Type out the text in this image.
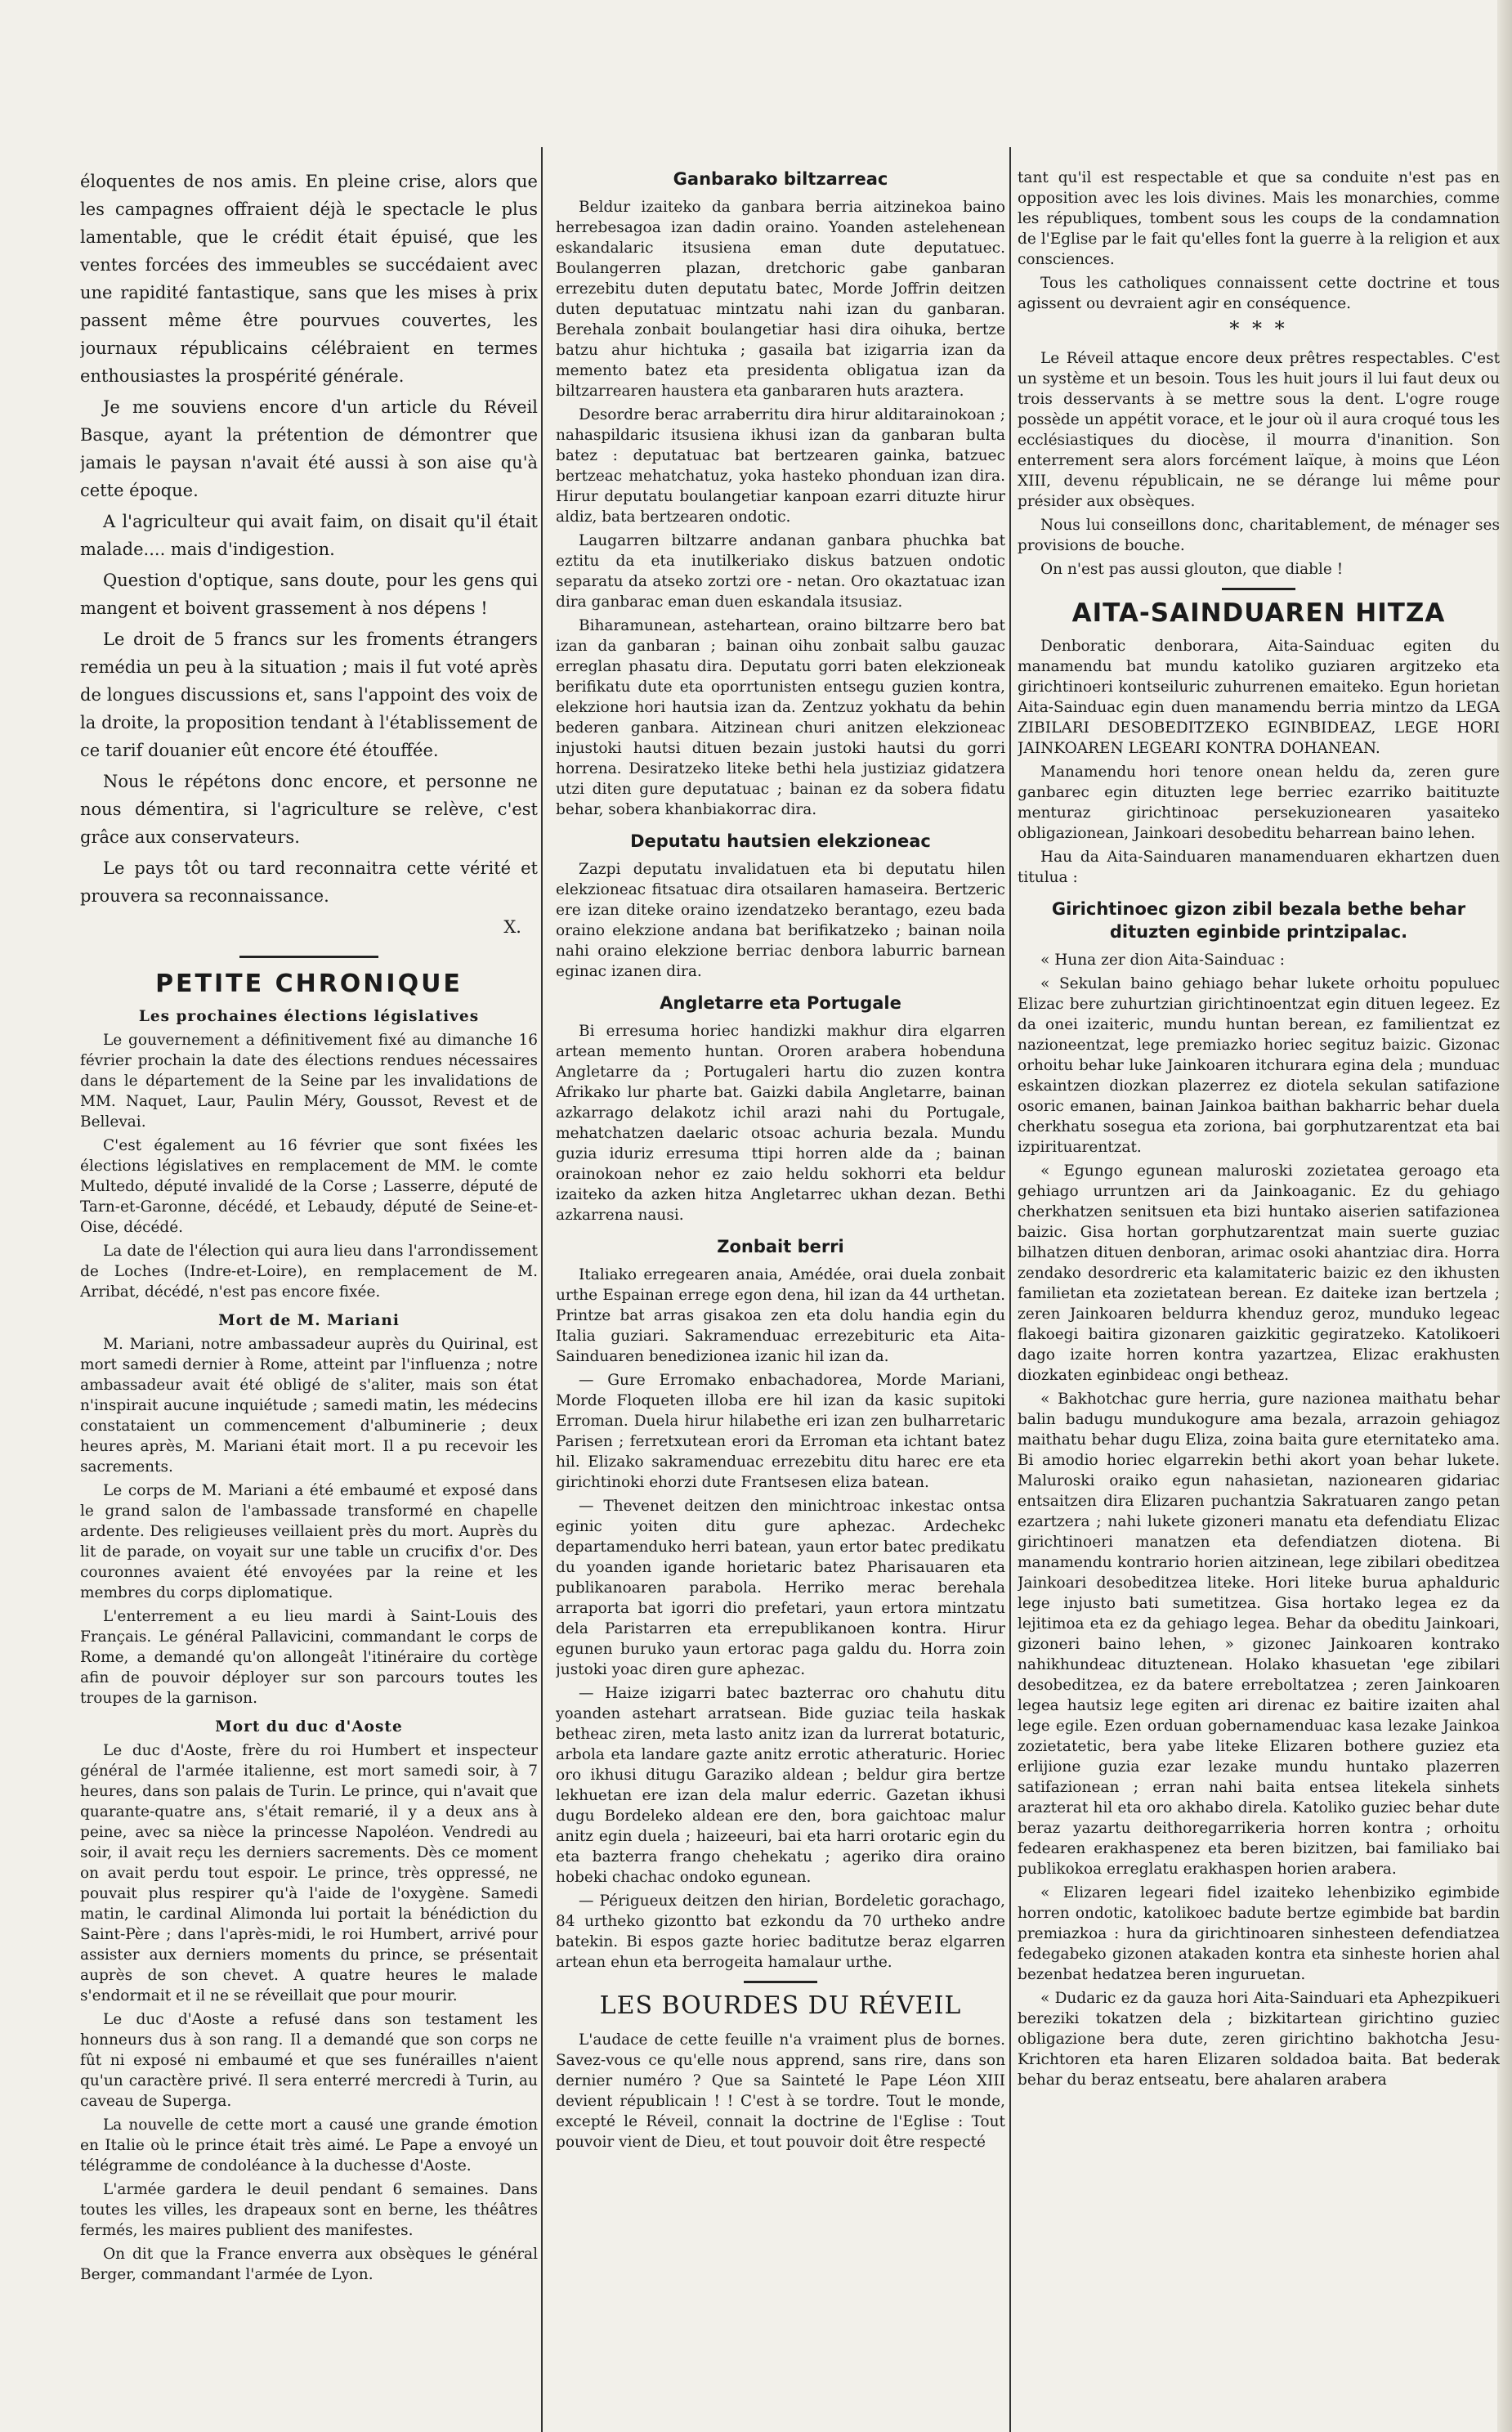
éloquentes de nos amis. En pleine crise, alors que les campagnes offraient déjà le spectacle le plus lamentable, que le crédit était épuisé, que les ventes forcées des immeubles se succédaient avec une rapidité fantastique, sans que les mises à prix passent même être pourvues couvertes, les journaux républicains célébraient en termes enthousiastes la prospérité générale.

Je me souviens encore d'un article du Réveil Basque, ayant la prétention de démontrer que jamais le paysan n'avait été aussi à son aise qu'à cette époque.

A l'agriculteur qui avait faim, on disait qu'il était malade.... mais d'indigestion.

Question d'optique, sans doute, pour les gens qui mangent et boivent grassement à nos dépens !

Le droit de 5 francs sur les froments étrangers remédia un peu à la situation ; mais il fut voté après de longues discussions et, sans l'appoint des voix de la droite, la proposition tendant à l'établissement de ce tarif douanier eût encore été étouffée.

Nous le répétons donc encore, et personne ne nous démentira, si l'agriculture se relève, c'est grâce aux conservateurs.

Le pays tôt ou tard reconnaitra cette vérité et prouvera sa reconnaissance.

X.

PETITE CHRONIQUE
Les prochaines élections législatives

Le gouvernement a définitivement fixé au dimanche 16 février prochain la date des élections rendues nécessaires dans le département de la Seine par les invalidations de MM. Naquet, Laur, Paulin Méry, Goussot, Revest et de Bellevai.

C'est également au 16 février que sont fixées les élections législatives en remplacement de MM. le comte Multedo, député invalidé de la Corse ; Lasserre, député de Tarn-et-Garonne, décédé, et Lebaudy, député de Seine-et-Oise, décédé.

La date de l'élection qui aura lieu dans l'arrondissement de Loches (Indre-et-Loire), en remplacement de M. Arribat, décédé, n'est pas encore fixée.

Mort de M. Mariani

M. Mariani, notre ambassadeur auprès du Quirinal, est mort samedi dernier à Rome, atteint par l'influenza ; notre ambassadeur avait été obligé de s'aliter, mais son état n'inspirait aucune inquiétude ; samedi matin, les médecins constataient un commencement d'albuminerie ; deux heures après, M. Mariani était mort. Il a pu recevoir les sacrements.

Le corps de M. Mariani a été embaumé et exposé dans le grand salon de l'ambassade transformé en chapelle ardente. Des religieuses veillaient près du mort. Auprès du lit de parade, on voyait sur une table un crucifix d'or. Des couronnes avaient été envoyées par la reine et les membres du corps diplomatique.

L'enterrement a eu lieu mardi à Saint-Louis des Français. Le général Pallavicini, commandant le corps de Rome, a demandé qu'on allongeât l'itinéraire du cortège afin de pouvoir déployer sur son parcours toutes les troupes de la garnison.

Mort du duc d'Aoste

Le duc d'Aoste, frère du roi Humbert et inspecteur général de l'armée italienne, est mort samedi soir, à 7 heures, dans son palais de Turin. Le prince, qui n'avait que quarante-quatre ans, s'était remarié, il y a deux ans à peine, avec sa nièce la princesse Napoléon. Vendredi au soir, il avait reçu les derniers sacrements. Dès ce moment on avait perdu tout espoir. Le prince, très oppressé, ne pouvait plus respirer qu'à l'aide de l'oxygène. Samedi matin, le cardinal Alimonda lui portait la bénédiction du Saint-Père ; dans l'après-midi, le roi Humbert, arrivé pour assister aux derniers moments du prince, se présentait auprès de son chevet. A quatre heures le malade s'endormait et il ne se réveillait que pour mourir.

Le duc d'Aoste a refusé dans son testament les honneurs dus à son rang. Il a demandé que son corps ne fût ni exposé ni embaumé et que ses funérailles n'aient qu'un caractère privé. Il sera enterré mercredi à Turin, au caveau de Superga.

La nouvelle de cette mort a causé une grande émotion en Italie où le prince était très aimé. Le Pape a envoyé un télégramme de condoléance à la duchesse d'Aoste.

L'armée gardera le deuil pendant 6 semaines. Dans toutes les villes, les drapeaux sont en berne, les théâtres fermés, les maires publient des manifestes.

On dit que la France enverra aux obsèques le général Berger, commandant l'armée de Lyon.

Ganbarako biltzarreac

Beldur izaiteko da ganbara berria aitzinekoa baino herrebesagoa izan dadin oraino. Yoanden astelehenean eskandalaric itsusiena eman dute deputatuec. Boulangerren plazan, dretchoric gabe ganbaran errezebitu duten deputatu batec, Morde Joffrin deitzen duten deputatuac mintzatu nahi izan du ganbaran. Berehala zonbait boulangetiar hasi dira oihuka, bertze batzu ahur hichtuka ; gasaila bat izigarria izan da memento batez eta presidenta obligatua izan da biltzarrearen haustera eta ganbararen huts araztera.

Desordre berac arraberritu dira hirur alditarainokoan ; nahaspildaric itsusiena ikhusi izan da ganbaran bulta batez : deputatuac bat bertzearen gainka, batzuec bertzeac mehatchatuz, yoka hasteko phonduan izan dira. Hirur deputatu boulangetiar kanpoan ezarri dituzte hirur aldiz, bata bertzearen ondotic.

Laugarren biltzarre andanan ganbara phuchka bat eztitu da eta inutilkeriako diskus batzuen ondotic separatu da atseko zortzi ore - netan. Oro okaztatuac izan dira ganbarac eman duen eskandala itsusiaz.

Biharamunean, astehartean, oraino biltzarre bero bat izan da ganbaran ; bainan oihu zonbait salbu gauzac erreglan phasatu dira. Deputatu gorri baten elekzioneak berifikatu dute eta oporrtunisten entsegu guzien kontra, elekzione hori hautsia izan da. Zentzuz yokhatu da behin bederen ganbara. Aitzinean churi anitzen elekzioneac injustoki hautsi dituen bezain justoki hautsi du gorri horrena. Desiratzeko liteke bethi hela justiziaz gidatzera utzi diten gure deputatuac ; bainan ez da sobera fidatu behar, sobera khanbiakorrac dira.

Deputatu hautsien elekzioneac

Zazpi deputatu invalidatuen eta bi deputatu hilen elekzioneac fitsatuac dira otsailaren hamaseira. Bertzeric ere izan diteke oraino izendatzeko berantago, ezeu bada oraino elekzione andana bat berifikatzeko ; bainan noila nahi oraino elekzione berriac denbora laburric barnean eginac izanen dira.

Angletarre eta Portugale

Bi erresuma horiec handizki makhur dira elgarren artean memento huntan. Ororen arabera hobenduna Angletarre da ; Portugaleri hartu dio zuzen kontra Afrikako lur pharte bat. Gaizki dabila Angletarre, bainan azkarrago delakotz ichil arazi nahi du Portugale, mehatchatzen daelaric otsoac achuria bezala. Mundu guzia iduriz erresuma ttipi horren alde da ; bainan orainokoan nehor ez zaio heldu sokhorri eta beldur izaiteko da azken hitza Angletarrec ukhan dezan. Bethi azkarrena nausi.

Zonbait berri

Italiako erregearen anaia, Amédée, orai duela zonbait urthe Espainan errege egon dena, hil izan da 44 urthetan. Printze bat arras gisakoa zen eta dolu handia egin du Italia guziari. Sakramenduac errezebituric eta Aita-Sainduaren benedizionea izanic hil izan da.

— Gure Erromako enbachadorea, Morde Mariani, Morde Floqueten illoba ere hil izan da kasic supitoki Erroman. Duela hirur hilabethe eri izan zen bulharretaric Parisen ; ferretxutean erori da Erroman eta ichtant batez hil. Elizako sakramenduac errezebitu ditu harec ere eta girichtinoki ehorzi dute Frantsesen eliza batean.

— Thevenet deitzen den minichtroac inkestac ontsa eginic yoiten ditu gure aphezac. Ardechekc departamenduko herri batean, yaun ertor batec predikatu du yoanden igande horietaric batez Pharisauaren eta publikanoaren parabola. Herriko merac berehala arraporta bat igorri dio prefetari, yaun ertora mintzatu dela Paristarren eta errepublikanoen kontra. Hirur egunen buruko yaun ertorac paga galdu du. Horra zoin justoki yoac diren gure aphezac.

— Haize izigarri batec bazterrac oro chahutu ditu yoanden astehart arratsean. Bide guziac teila haskak betheac ziren, meta lasto anitz izan da lurrerat botaturic, arbola eta landare gazte anitz errotic atheraturic. Horiec oro ikhusi ditugu Garaziko aldean ; beldur gira bertze lekhuetan ere izan dela malur ederric. Gazetan ikhusi dugu Bordeleko aldean ere den, bora gaichtoac malur anitz egin duela ; haizeeuri, bai eta harri orotaric egin du eta bazterra frango chehekatu ; ageriko dira oraino hobeki chachac ondoko egunean.

— Périgueux deitzen den hirian, Bordeletic gorachago, 84 urtheko gizontto bat ezkondu da 70 urtheko andre batekin. Bi espos gazte horiec baditutze beraz elgarren artean ehun eta berrogeita hamalaur urthe.

LES BOURDES DU RÉVEIL

L'audace de cette feuille n'a vraiment plus de bornes. Savez-vous ce qu'elle nous apprend, sans rire, dans son dernier numéro ? Que sa Sainteté le Pape Léon XIII devient républicain ! ! C'est à se tordre. Tout le monde, excepté le Réveil, connait la doctrine de l'Eglise : Tout pouvoir vient de Dieu, et tout pouvoir doit être respecté

tant qu'il est respectable et que sa conduite n'est pas en opposition avec les lois divines. Mais les monarchies, comme les républiques, tombent sous les coups de la condamnation de l'Eglise par le fait qu'elles font la guerre à la religion et aux consciences.

Tous les catholiques connaissent cette doctrine et tous agissent ou devraient agir en conséquence.

* * *

Le Réveil attaque encore deux prêtres respectables. C'est un système et un besoin. Tous les huit jours il lui faut deux ou trois desservants à se mettre sous la dent. L'ogre rouge possède un appétit vorace, et le jour où il aura croqué tous les ecclésiastiques du diocèse, il mourra d'inanition. Son enterrement sera alors forcément laïque, à moins que Léon XIII, devenu républicain, ne se dérange lui même pour présider aux obsèques.

Nous lui conseillons donc, charitablement, de ménager ses provisions de bouche.

On n'est pas aussi glouton, que diable !

AITA-SAINDUAREN HITZA

Denboratic denborara, Aita-Sainduac egiten du manamendu bat mundu katoliko guziaren argitzeko eta girichtinoeri kontseiluric zuhurrenen emaiteko. Egun horietan Aita-Sainduac egin duen manamendu berria mintzo da LEGA ZIBILARI DESOBEDITZEKO EGINBIDEAZ, LEGE HORI JAINKOAREN LEGEARI KONTRA DOHANEAN.

Manamendu hori tenore onean heldu da, zeren gure ganbarec egin dituzten lege berriec ezarriko baitituzte menturaz girichtinoac persekuzionearen yasaiteko obligazionean, Jainkoari desobeditu beharrean baino lehen.

Hau da Aita-Sainduaren manamenduaren ekhartzen duen titulua :

Girichtinoec gizon zibil bezala bethe behar dituzten eginbide printzipalac.

« Huna zer dion Aita-Sainduac :

« Sekulan baino gehiago behar lukete orhoitu populuec Elizac bere zuhurtzian girichtinoentzat egin dituen legeez. Ez da onei izaiteric, mundu huntan berean, ez familientzat ez nazioneentzat, lege premiazko horiec segituz baizic. Gizonac orhoitu behar luke Jainkoaren itchurara egina dela ; munduac eskaintzen diozkan plazerrez ez diotela sekulan satifazione osoric emanen, bainan Jainkoa baithan bakharric behar duela cherkhatu sosegua eta zoriona, bai gorphutzarentzat eta bai izpirituarentzat.

« Egungo egunean maluroski zozietatea geroago eta gehiago urruntzen ari da Jainkoaganic. Ez du gehiago cherkhatzen senitsuen eta bizi huntako aiserien satifazionea baizic. Gisa hortan gorphutzarentzat main suerte guziac bilhatzen dituen denboran, arimac osoki ahantziac dira. Horra zendako desordreric eta kalamitateric baizic ez den ikhusten familietan eta zozietatean berean. Ez daiteke izan bertzela ; zeren Jainkoaren beldurra khenduz geroz, mundukо legeac flakoegi baitira gizonaren gaizkitic gegiratzeko. Katolikoeri dago izaite horren kontra yazartzea, Elizac erakhusten diozkaten eginbideac ongi betheaz.

« Bakhotchac gure herria, gure nazionea maithatu behar balin badugu mundukogure ama bezala, arrazoin gehiagoz maithatu behar dugu Eliza, zoina baita gure eternitateko ama. Bi amodio horiec elgarrekin bethi akort yoan behar lukete. Maluroski oraiko egun nahasietan, nazionearen gidariac entsaitzen dira Elizaren puchantzia Sakratuaren zango petan ezartzera ; nahi lukete gizoneri manatu eta defendiatu Elizac girichtinoeri manatzen eta defendiatzen diotena. Bi manamendu kontrario horien aitzinean, lege zibilari obeditzea Jainkoari desobeditzea liteke. Hori liteke burua aphalduric lege injusto bati sumetitzea. Gisa hortako legea ez da lejitimoa eta ez da gehiago legea. Behar da obeditu Jainkoari, gizoneri baino lehen, » gizonec Jainkoaren kontrako nahikhundeac dituztenean. Holako khasuetan 'ege zibilari desobeditzea, ez da batere erreboltatzea ; zeren Jainkoaren legea hautsiz lege egiten ari direnac ez baitire izaiten ahal lege egile. Ezen orduan gobernamenduac kasa lezake Jainkoa zozietatetic, bera yabe liteke Elizaren bothere guziez eta erlijione guzia ezar lezake mundu huntako plazerren satifazionean ; erran nahi baita entsea litekela sinhets arazterat hil eta oro akhabo direla. Katoliko guziec behar dute beraz yazartu deithoregarrikeria horren kontra ; orhoitu fedearen erakhaspenez eta beren bizitzen, bai familiako bai publikokoa erreglatu erakhaspen horien arabera.

« Elizaren legeari fidel izaiteko lehenbiziko egimbide horren ondotic, katolikoec badute bertze egimbide bat bardin premiazkoa : hura da girichtinoaren sinhesteen defendiatzea fedegabeko gizonen atakaden kontra eta sinheste horien ahal bezenbat hedatzea beren inguruetan.

« Dudaric ez da gauza hori Aita-Sainduari eta Aphezpikueri bereziki tokatzen dela ; bizkitartean girichtino guziec obligazione bera dute, zeren girichtino bakhotcha Jesu-Krichtoren eta haren Elizaren soldadoa baita. Bat bederak behar du beraz entseatu, bere ahalaren arabera
